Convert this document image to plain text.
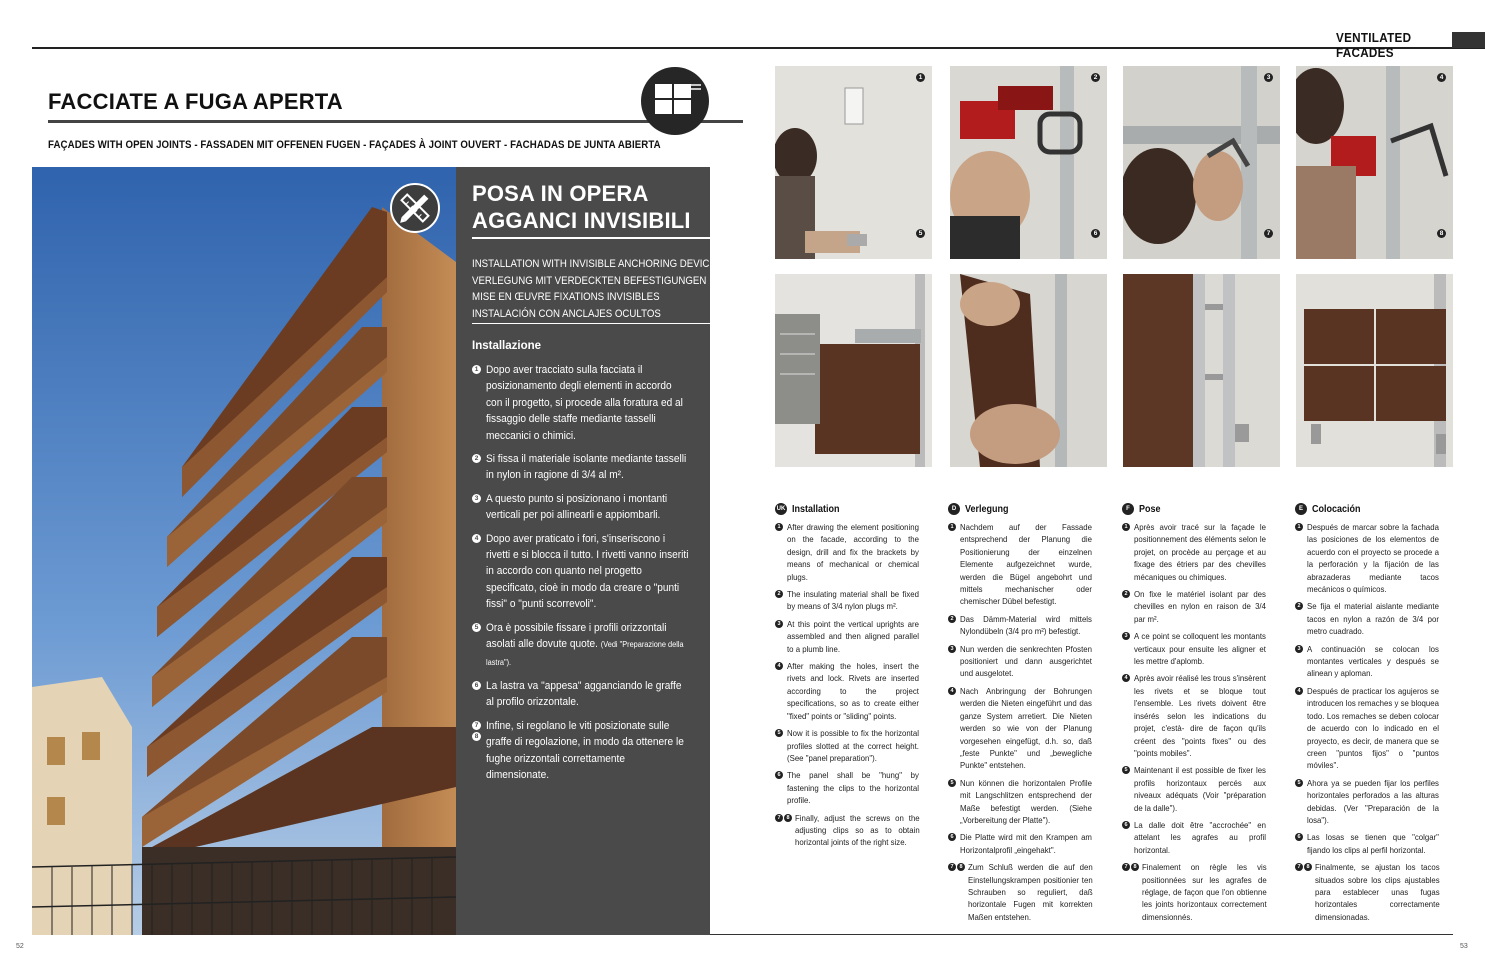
VENTILATED FACADES
FACCIATE A FUGA APERTA
FAÇADES WITH OPEN JOINTS - FASSADEN MIT OFFENEN FUGEN - FAÇADES À JOINT OUVERT - FACHADAS DE JUNTA ABIERTA
POSA IN OPERA
AGGANCI INVISIBILI
INSTALLATION WITH INVISIBLE ANCHORING DEVICES
VERLEGUNG MIT VERDECKTEN BEFESTIGUNGEN
MISE EN ŒUVRE FIXATIONS INVISIBLES
INSTALACIÓN CON ANCLAJES OCULTOS
Installazione
1 Dopo aver tracciato sulla facciata il posizionamento degli elementi in accordo con il progetto, si procede alla foratura ed al fissaggio delle staffe mediante tasselli meccanici o chimici.
2 Si fissa il materiale isolante mediante tasselli in nylon in ragione di 3/4 al m².
3 A questo punto si posizionano i montanti verticali per poi allinearli e appiombarli.
4 Dopo aver praticato i fori, s'inseriscono i rivetti e si blocca il tutto. I rivetti vanno inseriti in accordo con quanto nel progetto specificato, cioè in modo da creare o "punti fissi" o "punti scorrevoli".
5 Ora è possibile fissare i profili orizzontali asolati alle dovute quote. (Vedi "Preparazione della lastra").
6 La lastra va "appesa" agganciando le graffe al profilo orizzontale.
7
8
Infine, si regolano le viti posizionate sulle graffe di regolazione, in modo da ottenere le fughe orizzontali correttamente dimensionate.
1
5
2
6
3
7
4
8
UK Installation
1 After drawing the element positioning on the facade, according to the design, drill and fix the brackets by means of mechanical or chemical plugs.
2 The insulating material shall be fixed by means of 3/4 nylon plugs m².
3 At this point the vertical uprights are assembled and then aligned parallel to a plumb line.
4 After making the holes, insert the rivets and lock. Rivets are inserted according to the project specifications, so as to create either "fixed" points or "sliding" points.
5 Now it is possible to fix the horizontal profiles slotted at the correct height. (See "panel preparation").
6 The panel shall be "hung" by fastening the clips to the horizontal profile.
7	8 Finally, adjust the screws on the adjusting clips so as to obtain horizontal joints of the right size.
D Verlegung
1 Nachdem auf der Fassade entsprechend der Planung die Positionierung der einzelnen Elemente aufgezeichnet wurde, werden die Bügel angebohrt und mittels mechanischer oder chemischer Dübel befestigt.
2 Das Dämm-Material wird mittels Nylondübeln (3/4 pro m²) befestigt.
3 Nun werden die senkrechten Pfosten positioniert und dann ausgerichtet und ausgelotet.
4 Nach Anbringung der Bohrungen werden die Nieten eingeführt und das ganze System arretiert. Die Nieten werden so wie von der Planung vorgesehen eingefügt, d.h. so, daß „feste Punkte" und „bewegliche Punkte" entstehen.
5 Nun können die horizontalen Profile mit Langschlitzen entsprechend der Maße befestigt werden. (Siehe „Vorbereitung der Platte").
6 Die Platte wird mit den Krampen am Horizontalprofil „eingehakt".
7	8 Zum Schluß werden die auf den Einstellungskrampen positionier ten Schrauben so reguliert, daß horizontale Fugen mit korrekten Maßen entstehen.
F Pose
1 Après avoir tracé sur la façade le positionnement des éléments selon le projet, on procède au perçage et au fixage des étriers par des chevilles mécaniques ou chimiques.
2 On fixe le matériel isolant par des chevilles en nylon en raison de 3/4 par m².
3 A ce point se colloquent les montants verticaux pour ensuite les aligner et les mettre d'aplomb.
4 Après avoir réalisé les trous s'insèrent les rivets et se bloque tout l'ensemble. Les rivets doivent être insérés selon les indications du projet, c'està- dire de façon qu'ils créent des "points fixes" ou des "points mobiles".
5 Maintenant il est possible de fixer les profils horizontaux percés aux niveaux adéquats (Voir "préparation de la dalle").
6 La dalle doit être "accrochée" en attelant les agrafes au profil horizontal.
7	8 Finalement on règle les vis positionnées sur les agrafes de réglage, de façon que l'on obtienne les joints horizontaux correctement dimensionnés.
E Colocación
1 Después de marcar sobre la fachada las posiciones de los elementos de acuerdo con el proyecto se procede a la perforación y la fijación de las abrazaderas mediante tacos mecánicos o químicos.
2 Se fija el material aislante mediante tacos en nylon a razón de 3/4 por metro cuadrado.
3 A continuación se colocan los montantes verticales y después se alinean y aploman.
4 Después de practicar los agujeros se introducen los remaches y se bloquea todo. Los remaches se deben colocar de acuerdo con lo indicado en el proyecto, es decir, de manera que se creen "puntos fijos" o "puntos móviles".
5 Ahora ya se pueden fijar los perfiles horizontales perforados a las alturas debidas. (Ver "Preparación de la losa").
6 Las losas se tienen que "colgar" fijando los clips al perfil horizontal.
7	8 Finalmente, se ajustan los tacos situados sobre los clips ajustables para establecer unas fugas horizontales correctamente dimensionadas.
52	53
